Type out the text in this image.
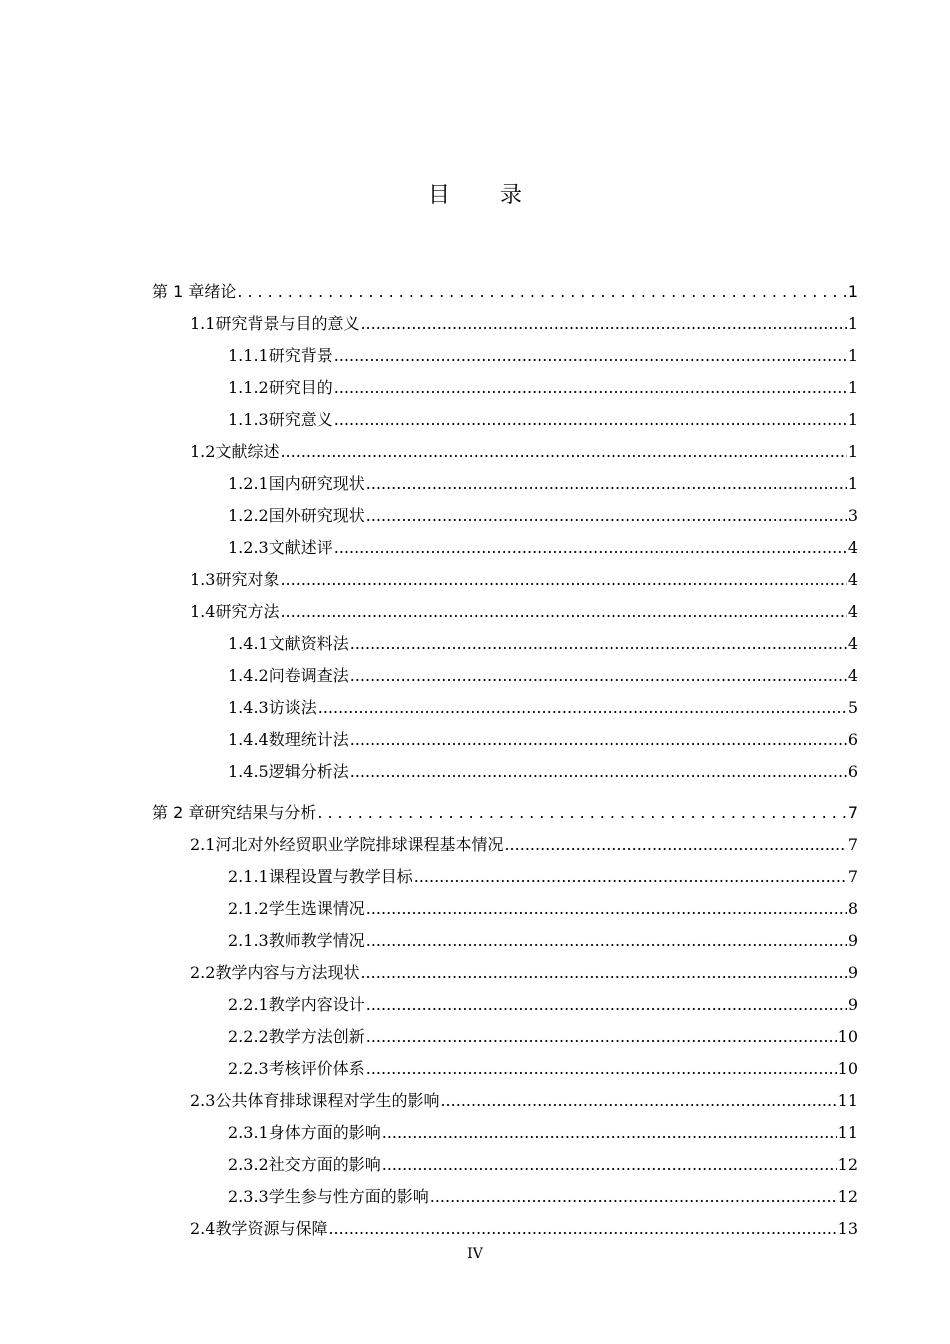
目 录
第 1 章 绪论 .....	1
1.1 研究背景与目的意义 .....	1
1.1.1 研究背景 .....	1
1.1.2 研究目的 .....	1
1.1.3 研究意义 .....	1
1.2 文献综述 .....	1
1.2.1 国内研究现状 .....	1
1.2.2 国外研究现状 .....	3
1.2.3 文献述评 .....	4
1.3 研究对象 .....	4
1.4 研究方法 .....	4
1.4.1 文献资料法 .....	4
1.4.2 问卷调查法 .....	4
1.4.3 访谈法 .....	5
1.4.4 数理统计法 .....	6
1.4.5 逻辑分析法 .....	6
第 2 章 研究结果与分析 .....	7
2.1 河北对外经贸职业学院排球课程基本情况 .....	7
2.1.1 课程设置与教学目标 .....	7
2.1.2 学生选课情况 .....	8
2.1.3 教师教学情况 .....	9
2.2 教学内容与方法现状 .....	9
2.2.1 教学内容设计 .....	9
2.2.2 教学方法创新 .....	10
2.2.3 考核评价体系 .....	10
2.3 公共体育排球课程对学生的影响 .....	11
2.3.1 身体方面的影响 .....	11
2.3.2 社交方面的影响 .....	12
2.3.3 学生参与性方面的影响 .....	12
2.4 教学资源与保障 .....	13
IV
